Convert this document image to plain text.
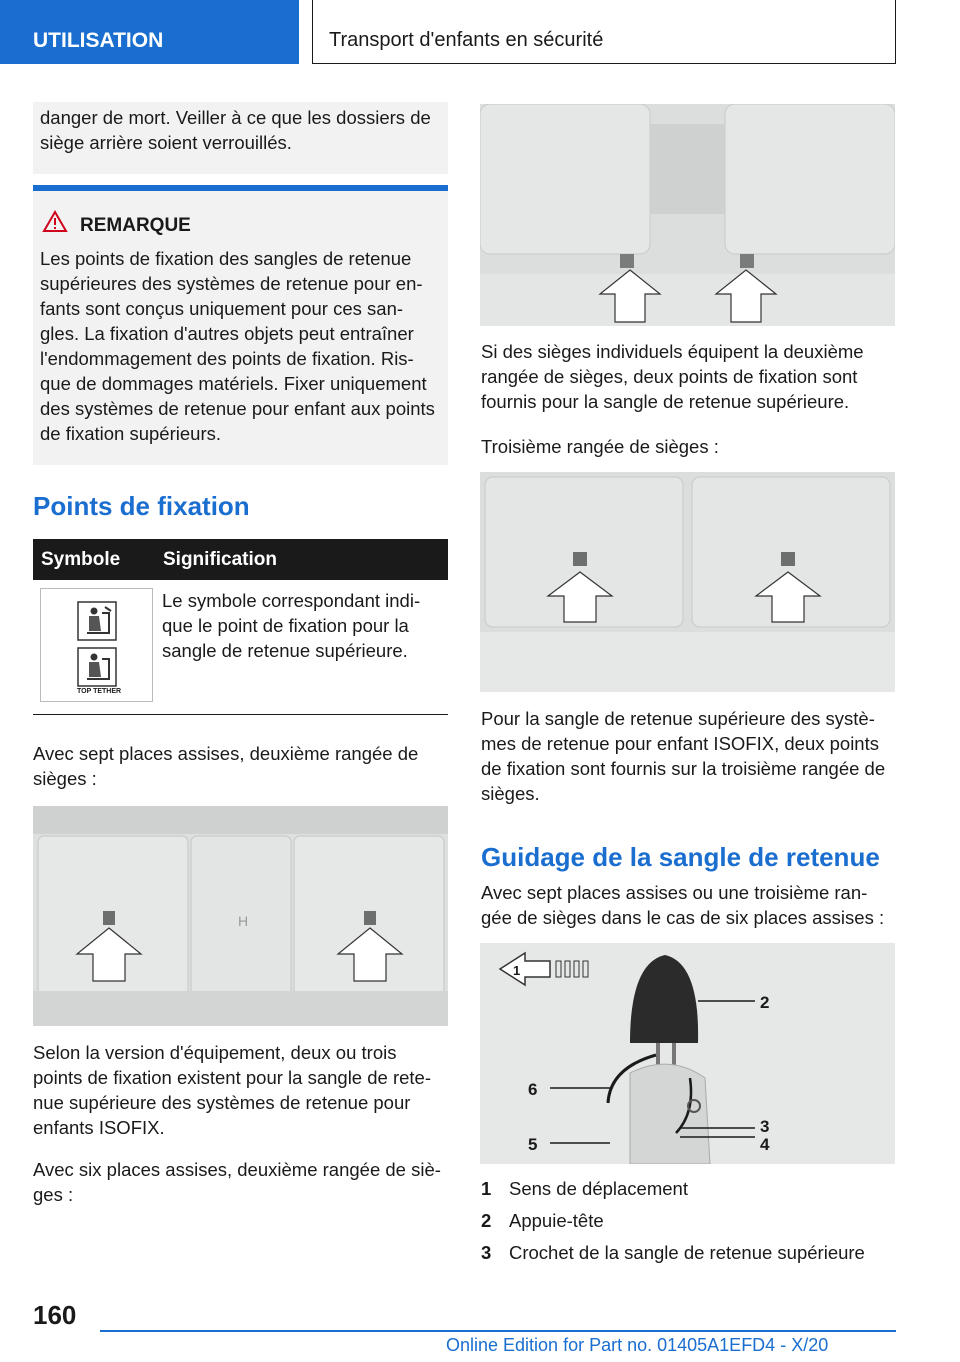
UTILISATION	Transport d'enfants en sécurité
danger de mort. Veiller à ce que les dossiers de siège arrière soient verrouillés.
REMARQUE
Les points de fixation des sangles de retenue supérieures des systèmes de retenue pour en-fants sont conçus uniquement pour ces san-gles. La fixation d'autres objets peut entraîner l'endommagement des points de fixation. Ris-que de dommages matériels. Fixer uniquement des systèmes de retenue pour enfant aux points de fixation supérieurs.
Points de fixation
Symbole Signification
TOP TETHER
Le symbole correspondant indi-que le point de fixation pour la sangle de retenue supérieure.
Avec sept places assises, deuxième rangée de sièges :
H
Selon la version d'équipement, deux ou trois points de fixation existent pour la sangle de rete-nue supérieure des systèmes de retenue pour enfants ISOFIX.
Avec six places assises, deuxième rangée de siè-ges :
Si des sièges individuels équipent la deuxième rangée de sièges, deux points de fixation sont fournis pour la sangle de retenue supérieure.
Troisième rangée de sièges :
Pour la sangle de retenue supérieure des systè-mes de retenue pour enfant ISOFIX, deux points de fixation sont fournis sur la troisième rangée de sièges.
Guidage de la sangle de retenue
Avec sept places assises ou une troisième ran-gée de sièges dans le cas de six places assises :
1
2
3
4
5
6
1 Sens de déplacement
2 Appuie-tête
3 Crochet de la sangle de retenue supérieure
160
Online Edition for Part no. 01405A1EFD4 - X/20
